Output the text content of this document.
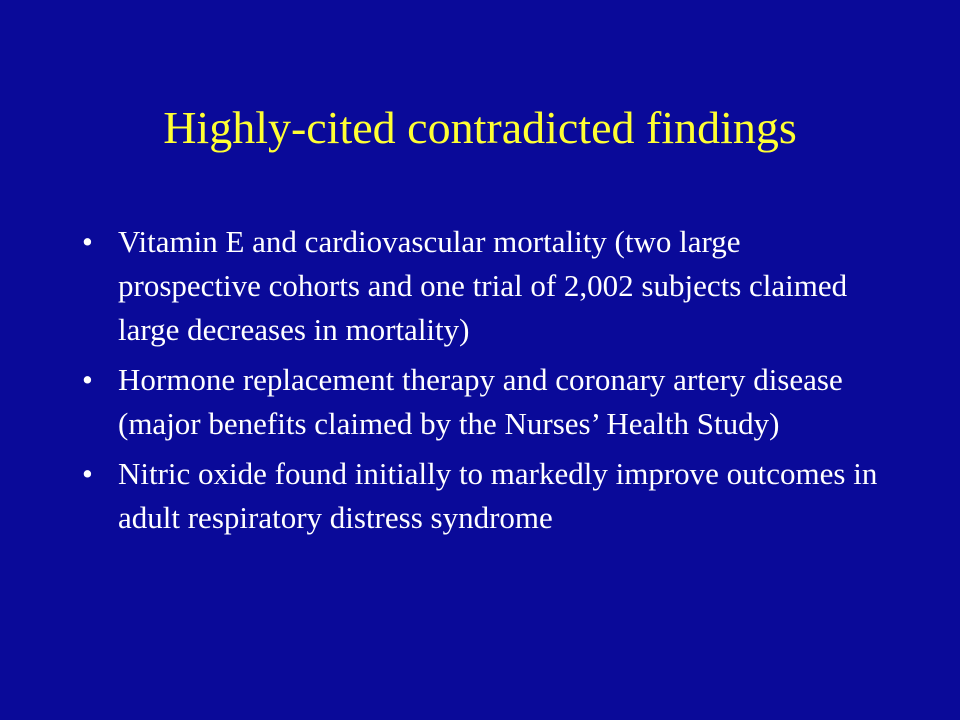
Highly-cited contradicted findings
• Vitamin E and cardiovascular mortality (two large prospective cohorts and one trial of 2,002 subjects claimed large decreases in mortality)
• Hormone replacement therapy and coronary artery disease (major benefits claimed by the Nurses’ Health Study)
• Nitric oxide found initially to markedly improve outcomes in adult respiratory distress syndrome
